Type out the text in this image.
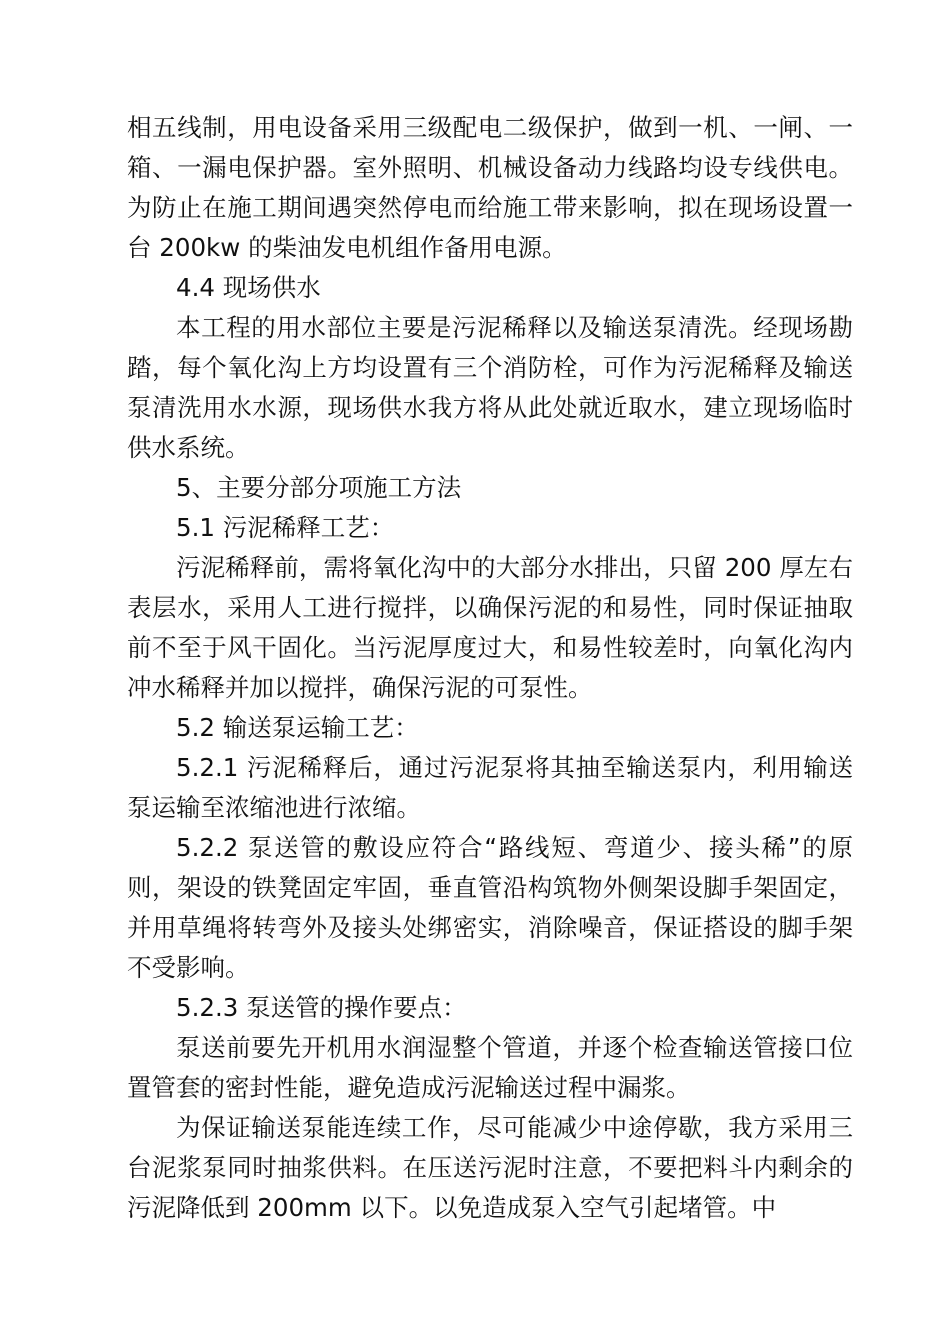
相五线制，用电设备采用三级配电二级保护，做到一机、一闸、一箱、一漏电保护器。室外照明、机械设备动力线路均设专线供电。为防止在施工期间遇突然停电而给施工带来影响，拟在现场设置一台 200kw 的柴油发电机组作备用电源。

4.4 现场供水

本工程的用水部位主要是污泥稀释以及输送泵清洗。经现场勘踏，每个氧化沟上方均设置有三个消防栓，可作为污泥稀释及输送泵清洗用水水源，现场供水我方将从此处就近取水，建立现场临时供水系统。

5、主要分部分项施工方法

5.1 污泥稀释工艺：

污泥稀释前，需将氧化沟中的大部分水排出，只留 200 厚左右表层水，采用人工进行搅拌，以确保污泥的和易性，同时保证抽取前不至于风干固化。当污泥厚度过大，和易性较差时，向氧化沟内冲水稀释并加以搅拌，确保污泥的可泵性。

5.2 输送泵运输工艺：

5.2.1 污泥稀释后，通过污泥泵将其抽至输送泵内，利用输送泵运输至浓缩池进行浓缩。

5.2.2 泵送管的敷设应符合“路线短、弯道少、接头稀”的原则，架设的铁凳固定牢固，垂直管沿构筑物外侧架设脚手架固定，并用草绳将转弯外及接头处绑密实，消除噪音，保证搭设的脚手架不受影响。

5.2.3 泵送管的操作要点：

泵送前要先开机用水润湿整个管道，并逐个检查输送管接口位置管套的密封性能，避免造成污泥输送过程中漏浆。

为保证输送泵能连续工作，尽可能减少中途停歇，我方采用三台泥浆泵同时抽浆供料。在压送污泥时注意，不要把料斗内剩余的污泥降低到 200mm 以下。以免造成泵入空气引起堵管。中
